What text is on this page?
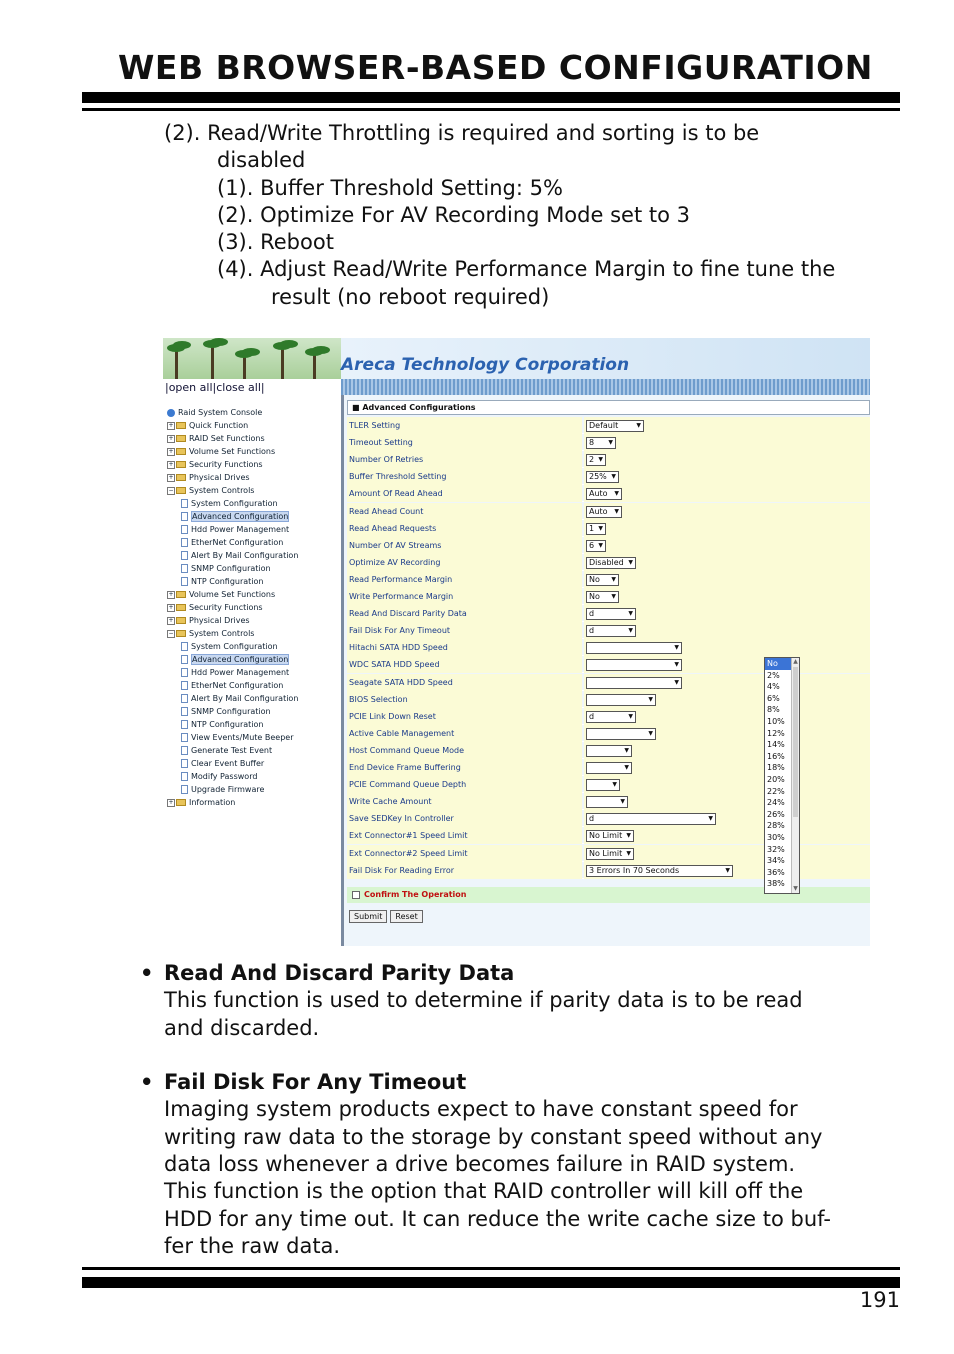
WEB BROWSER-BASED CONFIGURATION
(2). Read/Write Throttling is required and sorting is to be
disabled
(1). Buffer Threshold Setting: 5%
(2). Optimize For AV Recording Mode set to 3
(3). Reboot
(4). Adjust Read/Write Performance Margin to fine tune the
result (no reboot required)
Areca Technology Corporation
|open all|close all|
Raid System Console
+ Quick Function
+ RAID Set Functions
+ Volume Set Functions
+ Security Functions
+ Physical Drives
− System Controls
System Configuration
Advanced Configuration
Hdd Power Management
EtherNet Configuration
Alert By Mail Configuration
SNMP Configuration
NTP Configuration
+ Volume Set Functions
+ Security Functions
+ Physical Drives
− System Controls
System Configuration
Advanced Configuration
Hdd Power Management
EtherNet Configuration
Alert By Mail Configuration
SNMP Configuration
NTP Configuration
View Events/Mute Beeper
Generate Test Event
Clear Event Buffer
Modify Password
Upgrade Firmware
+ Information
■ Advanced Configurations
TLER Setting	Default	▼
Timeout Setting	8 ▼
Number Of Retries	2 ▼
Buffer Threshold Setting	25% ▼
Amount Of Read Ahead	Auto ▼
Read Ahead Count	Auto ▼
Read Ahead Requests	1 ▼
Number Of AV Streams	6 ▼
Optimize AV Recording	Disabled ▼
Read Performance Margin	No ▼
Write Performance Margin	No ▼
Read And Discard Parity Data	d	▼
Fail Disk For Any Timeout	d	▼
Hitachi SATA HDD Speed	▼
WDC SATA HDD Speed	▼
Seagate SATA HDD Speed	▼
BIOS Selection	▼
PCIE Link Down Reset	d	▼
Active Cable Management	▼
Host Command Queue Mode	▼
End Device Frame Buffering	▼
PCIE Command Queue Depth	▼
Write Cache Amount	▼
Save SEDKey In Controller	d	▼
Ext Connector#1 Speed Limit	No Limit ▼
Ext Connector#2 Speed Limit	No Limit ▼
Fail Disk For Reading Error	3 Errors In 70 Seconds	▼
No
2%
4%
6%
8%
10%
12%
14%
16%
18%
20%
22%
24%
26%
28%
30%
32%
34%
36%
38%
▲
▼
Confirm The Operation
Submit Reset
• Read And Discard Parity Data
This function is used to determine if parity data is to be read
and discarded.
• Fail Disk For Any Timeout
Imaging system products expect to have constant speed for
writing raw data to the storage by constant speed without any
data loss whenever a drive becomes failure in RAID system.
This function is the option that RAID controller will kill off the
HDD for any time out. It can reduce the write cache size to buf-
fer the raw data.
191
